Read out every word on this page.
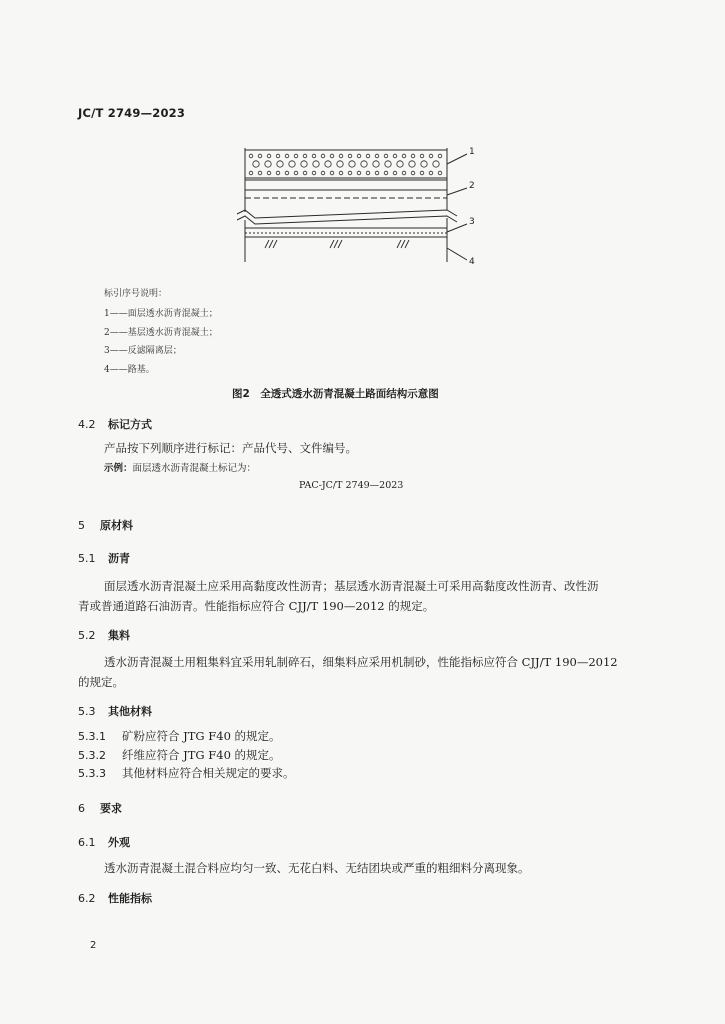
JC/T 2749—2023
1
2
3
4
标引序号说明：
1——面层透水沥青混凝土；
2——基层透水沥青混凝土；
3——反滤隔离层；
4——路基。
图2　全透式透水沥青混凝土路面结构示意图
4.2 标记方式
产品按下列顺序进行标记：产品代号、文件编号。
示例：面层透水沥青混凝土标记为：
PAC-JC/T 2749—2023
5 原材料
5.1 沥青
面层透水沥青混凝土应采用高黏度改性沥青；基层透水沥青混凝土可采用高黏度改性沥青、改性沥
青或普通道路石油沥青。性能指标应符合 CJJ/T 190—2012 的规定。
5.2 集料
透水沥青混凝土用粗集料宜采用轧制碎石，细集料应采用机制砂，性能指标应符合 CJJ/T 190—2012
的规定。
5.3 其他材料
5.3.1 矿粉应符合 JTG F40 的规定。
5.3.2 纤维应符合 JTG F40 的规定。
5.3.3 其他材料应符合相关规定的要求。
6 要求
6.1 外观
透水沥青混凝土混合料应均匀一致、无花白料、无结团块或严重的粗细料分离现象。
6.2 性能指标
2
